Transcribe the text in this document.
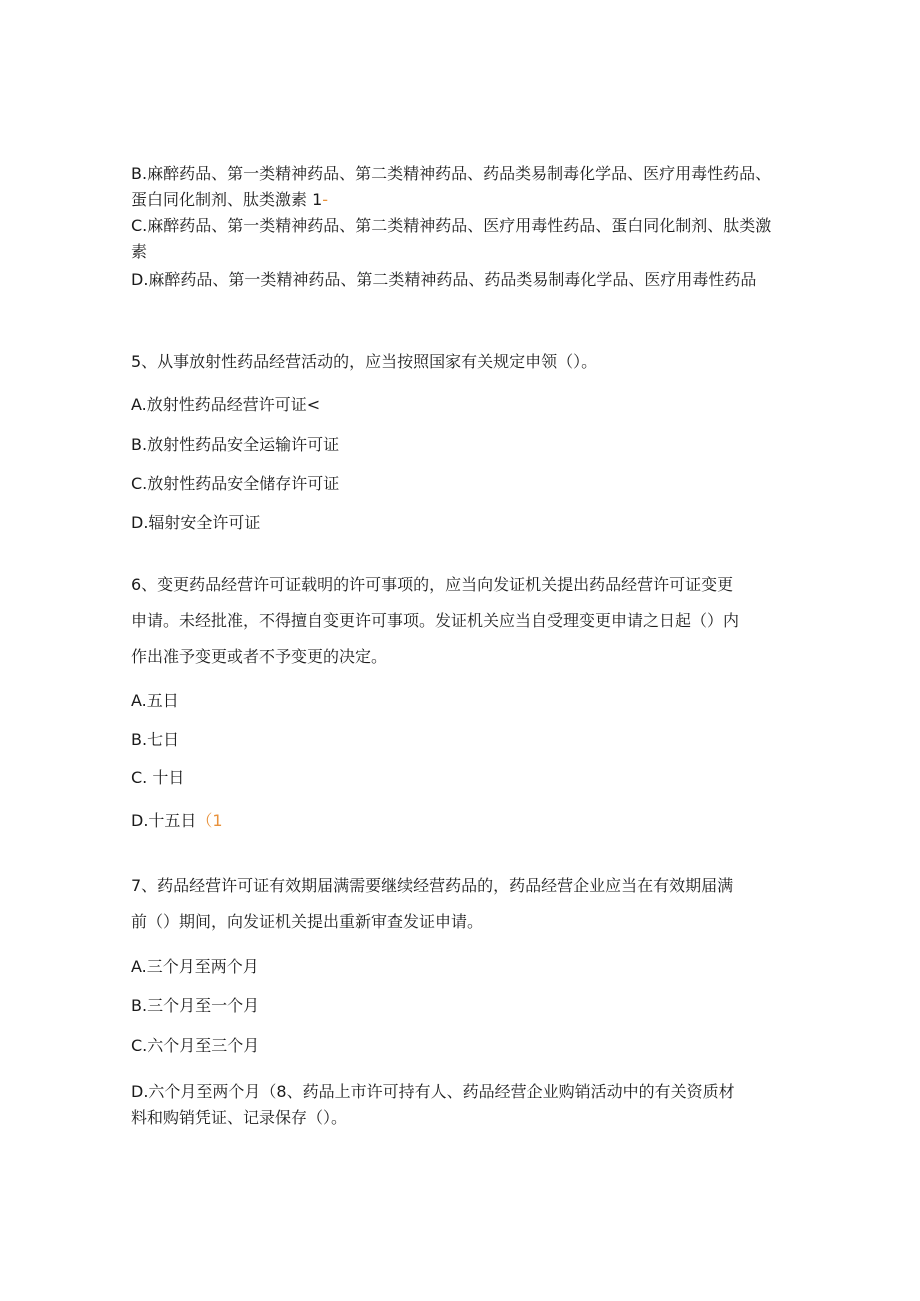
B.麻醉药品、第一类精神药品、第二类精神药品、药品类易制毒化学品、医疗用毒性药品、蛋白同化制剂、肽类激素 1-
C.麻醉药品、第一类精神药品、第二类精神药品、医疗用毒性药品、蛋白同化制剂、肽类激素
D.麻醉药品、第一类精神药品、第二类精神药品、药品类易制毒化学品、医疗用毒性药品
5、从事放射性药品经营活动的，应当按照国家有关规定申领（）。
A.放射性药品经营许可证<
B.放射性药品安全运输许可证
C.放射性药品安全储存许可证
D.辐射安全许可证
6、变更药品经营许可证载明的许可事项的，应当向发证机关提出药品经营许可证变更
申请。未经批准，不得擅自变更许可事项。发证机关应当自受理变更申请之日起（）内
作出准予变更或者不予变更的决定。
A.五日
B.七日
C. 十日
D.十五日（1
7、药品经营许可证有效期届满需要继续经营药品的，药品经营企业应当在有效期届满
前（）期间，向发证机关提出重新审查发证申请。
A.三个月至两个月
B.三个月至一个月
C.六个月至三个月
D.六个月至两个月（8、药品上市许可持有人、药品经营企业购销活动中的有关资质材
料和购销凭证、记录保存（）。
